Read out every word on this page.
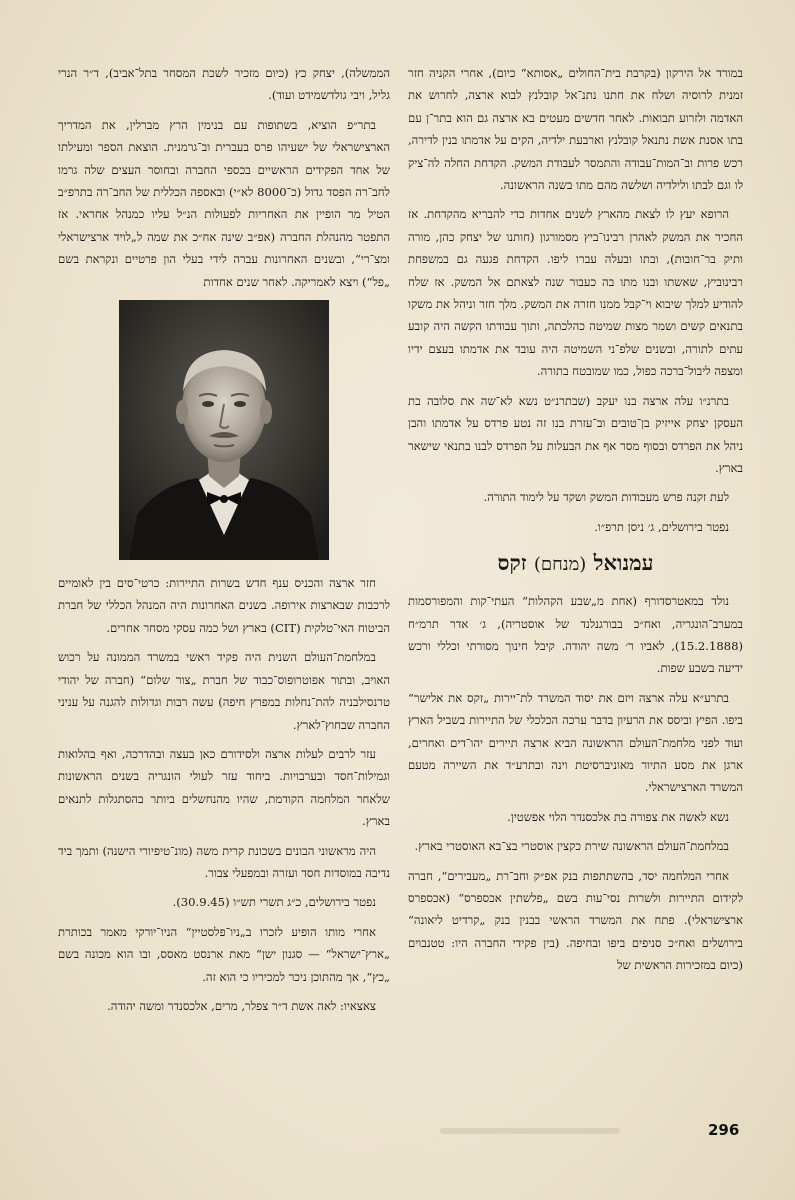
במורד אל הירקון (בקרבת בית־החולים „אסותא“ כיום), אחרי הקניה חזר זמנית לרוסיה ושלח את חתנו נתנ־אל קובלנץ לבוא ארצה, לחרוש את האדמה ולזרוע תבואות. לאחר חדשים מעטים בא ארצה גם הוא בתר־ן עם בתו אסנת אשת נתנאל קובלנץ וארבעת ילדיה, הקים על אדמתו בנין לדירה, רכש פרות וב־המות־עבודה והתמסר לעבודת המשק. הקדחת החלה לה־ציק לו וגם לבתו ולילדיה ושלשה מהם מתו בשנה הראשונה.

הרופא יעץ לו לצאת מהארץ לשנים אחדות כדי להבריא מהקדחת. אז החכיר את המשק לאהרן רבינו־ביץ מסמורגון (חותנו של יצחק כהן, מורה ותיק בר־חובות), ובתו ובעלה עברו ליפו. הקדחת פגעה גם במשפחת רבינוביץ, שאשתו ובנו מתו בה כעבור שנה לצאתם אל המשק. אז שלח להודיע למלך שיבוא וי־קבל ממנו חזרה את המשק. מלך חזר וניהל את משקו בתנאים קשים ושמר מצות שמיטה כהלכתה, ותוך עבודתו הקשה היה קובע עתים לתורה, ובשנים שלפ־ני השמיטה היה עובד את אדמתו בעצם ידיו ומצפה ליבול־ברכה כפול, כמו שמובטח בתורה.

בתרנ״ו עלה ארצה בנו יעקב (שבתרנ״ט נשא לא־שה את סלובה בת העסקן יצחק אייזיק בן־טובים וב־עזרת בנו זה נטע פרדס על אדמתו והבן ניהל את הפרדס ובסוף מסר אף את הבעלות על הפרדס לבנו בתנאי שישאר בארץ.

לעת זקנה פרש מעבודות המשק ושקד על לימוד התורה.

נפטר בירושלים, ג׳ ניסן תרפ״ו.

עמנואל (מנחם) זקס

נולד במאטרסדורף (אחת מ„שבע הקהלות“ העתי־קות והמפורסמות במערב־הונגריה, ואח״כ בבורגנלנד של אוסטריה), ג׳ אדר תרמ״ח (15.2.1888), לאביו ר׳ משה יהודה. קיבל חינוך מסורתי וכללי ורכש ידיעה בשבע שפות.

בתרע״א עלה ארצה ויזם את יסוד המשרד לת־יירות „זקס את אלישר“ ביפו. הפיץ וביסס את הרעיון בדבר ערכה הכלכלי של התיירות בשביל הארץ ועוד לפני מלחמת־העולם הראשונה הביא ארצה תיירים יהו־דים ואחרים, ארגן את מסע התיור מאוניברסיטת וינה ובתרע״ד את השיירה מטעם המשרד הארצישראלי.

נשא לאשה את צפורה בת אלכסנדר הלוי אפשטין.

במלחמת־העולם הראשונה שירת כקצין אוסטרי בצ־בא האוסטרי בארץ.

אחרי המלחמה יסד, בהשתתפות בנק אפ״ק וחב־רת „מעבירים“, חברה לקידום התיירות ולשרות נסי־עות בשם „פלשתין אכספרס“ (אכספרס ארצישראלי). פתח את המשרד הראשי בבנין בנק „קרדיט ליאונה“ בירושלים ואח״כ סניפים ביפו ובחיפה. (בין פקידי החברה היו: טטנבוים (כיום במזכירות הראשית של

הממשלה), יצחק כץ (כיום מזכיר לשכת המסחר בתל־אביב), ד״ר הנרי גליל, ויבי גולדשמידט ועוד).

בתר״פ הוציא, בשתופות עם בנימין הרץ מברלין, את המדריך הארצישראלי של ישעיהו פרס בעברית וב־גרמנית. הוצאת הספר ומעילתו של אחד הפקידים הראשיים בכספי החברה ובחוסר העצים שלה גרמו לחב־רה הפסד גדול (כ־8000 לא״י) ובאספה הכללית של החב־רה בתרפ״ב הטיל מר הופיין את האחריות לפעולות הנ״ל עליו כמנהל אחראי. אז התפטר מהנהלת החברה (אפ״ב שינה אח״כ את שמה ל„לויד ארצישראלי ומצ־רי“, ובשנים האחרונות עברה לידי בעלי הון פרטיים ונקראת בשם „פל“) ויצא לאמריקה. לאחר שנים אחדות

חזר ארצה והכניס ענף חדש בשרות התיירות: כרטי־סים בין לאומיים לרכבות שבארצות אירופה. בשנים האחרונות היה המנהל הכללי של חברת הביטוח האי־טלקית (CIT) בארץ ושל כמה עסקי מסחר אחרים.

במלחמת־העולם השנית היה פקיד ראשי במשרד הממונה על רכוש האויב, ובתור אפוטרופוס־כבוד של חברת „צור שלום“ (חברה של יהודי טרנסילבניה להת־נחלות במפרץ חיפה) עשה רבות וגדולות להגנה על עניני החברה שבחוץ־לארץ.

עזר לרבים לעלות ארצה ולסידורם כאן בעצה ובהדרכה, ואף בהלואות וגמילות־חסד ובערבויות. ביחוד עזר לעולי הונגריה בשנים הראשונות שלאחר המלחמה הקודמת, שהיו מהנחשלים ביותר בהסתגלות לתנאים בארץ.

היה מראשוני הבונים בשכונת קרית משה (מונ־טיפיורי הישנה) ותמך ביד נדיבה במוסדות חסד ועזרה ובמפעלי צבור.

נפטר בירושלים, כ״ג תשרי תש״ו (30.9.45).

אחרי מותו הופיע לזכרו ב„ניו־פלסטיין“ הניו־יורקי מאמר בכותרת „ארץ־ישראל“ — סגנון ישן“ מאת ארנסט מאסס, ובו הוא מכונה בשם „כץ“, אך מהתוכן ניכר למכיריו כי הוא זה.

צאצאיו: לאה אשת ד״ר צפלר, מרים, אלכסנדר ומשה יהודה.

296
